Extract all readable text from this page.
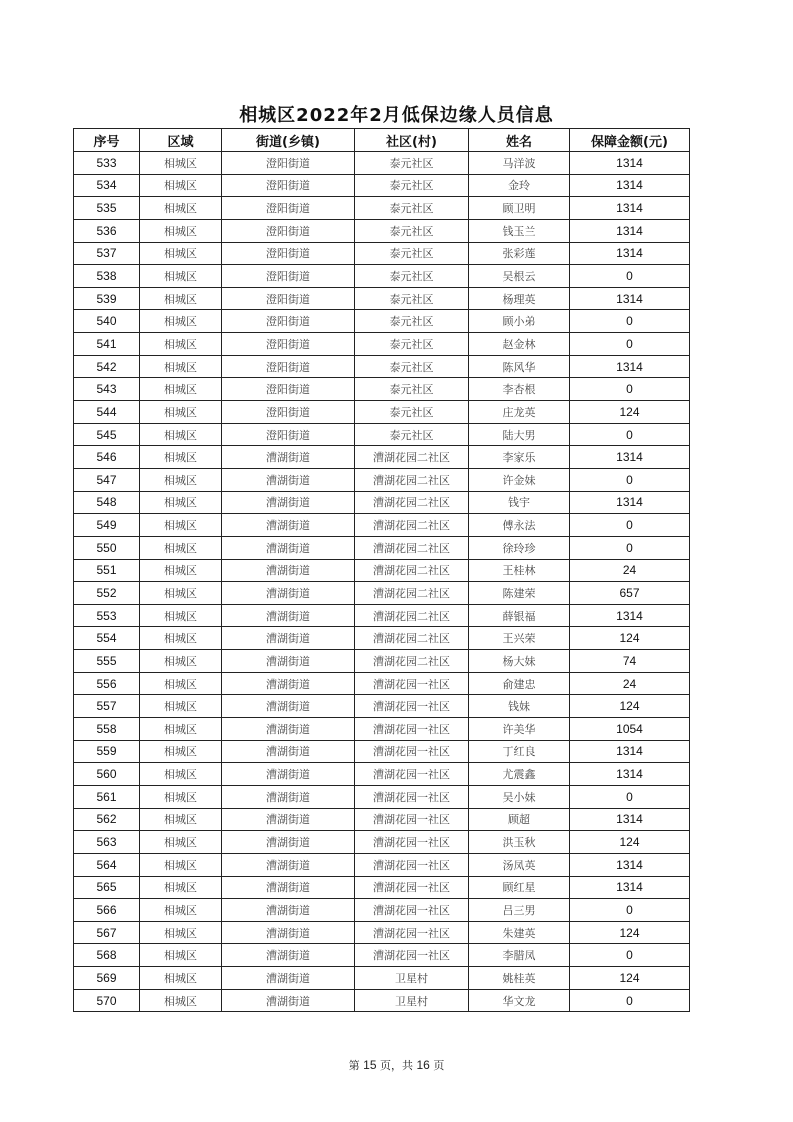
相城区2022年2月低保边缘人员信息
序号	区域	街道(乡镇)	社区(村)	姓名	保障金额(元)
533	相城区	澄阳街道	泰元社区	马洋波	1314
534	相城区	澄阳街道	泰元社区	金玲	1314
535	相城区	澄阳街道	泰元社区	顾卫明	1314
536	相城区	澄阳街道	泰元社区	钱玉兰	1314
537	相城区	澄阳街道	泰元社区	张彩莲	1314
538	相城区	澄阳街道	泰元社区	吴根云	0
539	相城区	澄阳街道	泰元社区	杨理英	1314
540	相城区	澄阳街道	泰元社区	顾小弟	0
541	相城区	澄阳街道	泰元社区	赵金林	0
542	相城区	澄阳街道	泰元社区	陈风华	1314
543	相城区	澄阳街道	泰元社区	李杏根	0
544	相城区	澄阳街道	泰元社区	庄龙英	124
545	相城区	澄阳街道	泰元社区	陆大男	0
546	相城区	漕湖街道	漕湖花园二社区	李家乐	1314
547	相城区	漕湖街道	漕湖花园二社区	许金妹	0
548	相城区	漕湖街道	漕湖花园二社区	钱宇	1314
549	相城区	漕湖街道	漕湖花园二社区	傅永法	0
550	相城区	漕湖街道	漕湖花园二社区	徐玲珍	0
551	相城区	漕湖街道	漕湖花园二社区	王桂林	24
552	相城区	漕湖街道	漕湖花园二社区	陈建荣	657
553	相城区	漕湖街道	漕湖花园二社区	薛银福	1314
554	相城区	漕湖街道	漕湖花园二社区	王兴荣	124
555	相城区	漕湖街道	漕湖花园二社区	杨大妹	74
556	相城区	漕湖街道	漕湖花园一社区	俞建忠	24
557	相城区	漕湖街道	漕湖花园一社区	钱妹	124
558	相城区	漕湖街道	漕湖花园一社区	许美华	1054
559	相城区	漕湖街道	漕湖花园一社区	丁红良	1314
560	相城区	漕湖街道	漕湖花园一社区	尤震鑫	1314
561	相城区	漕湖街道	漕湖花园一社区	吴小妹	0
562	相城区	漕湖街道	漕湖花园一社区	顾超	1314
563	相城区	漕湖街道	漕湖花园一社区	洪玉秋	124
564	相城区	漕湖街道	漕湖花园一社区	汤凤英	1314
565	相城区	漕湖街道	漕湖花园一社区	顾红星	1314
566	相城区	漕湖街道	漕湖花园一社区	吕三男	0
567	相城区	漕湖街道	漕湖花园一社区	朱建英	124
568	相城区	漕湖街道	漕湖花园一社区	李腊凤	0
569	相城区	漕湖街道	卫星村	姚桂英	124
570	相城区	漕湖街道	卫星村	华文龙	0
第 15 页，共 16 页
